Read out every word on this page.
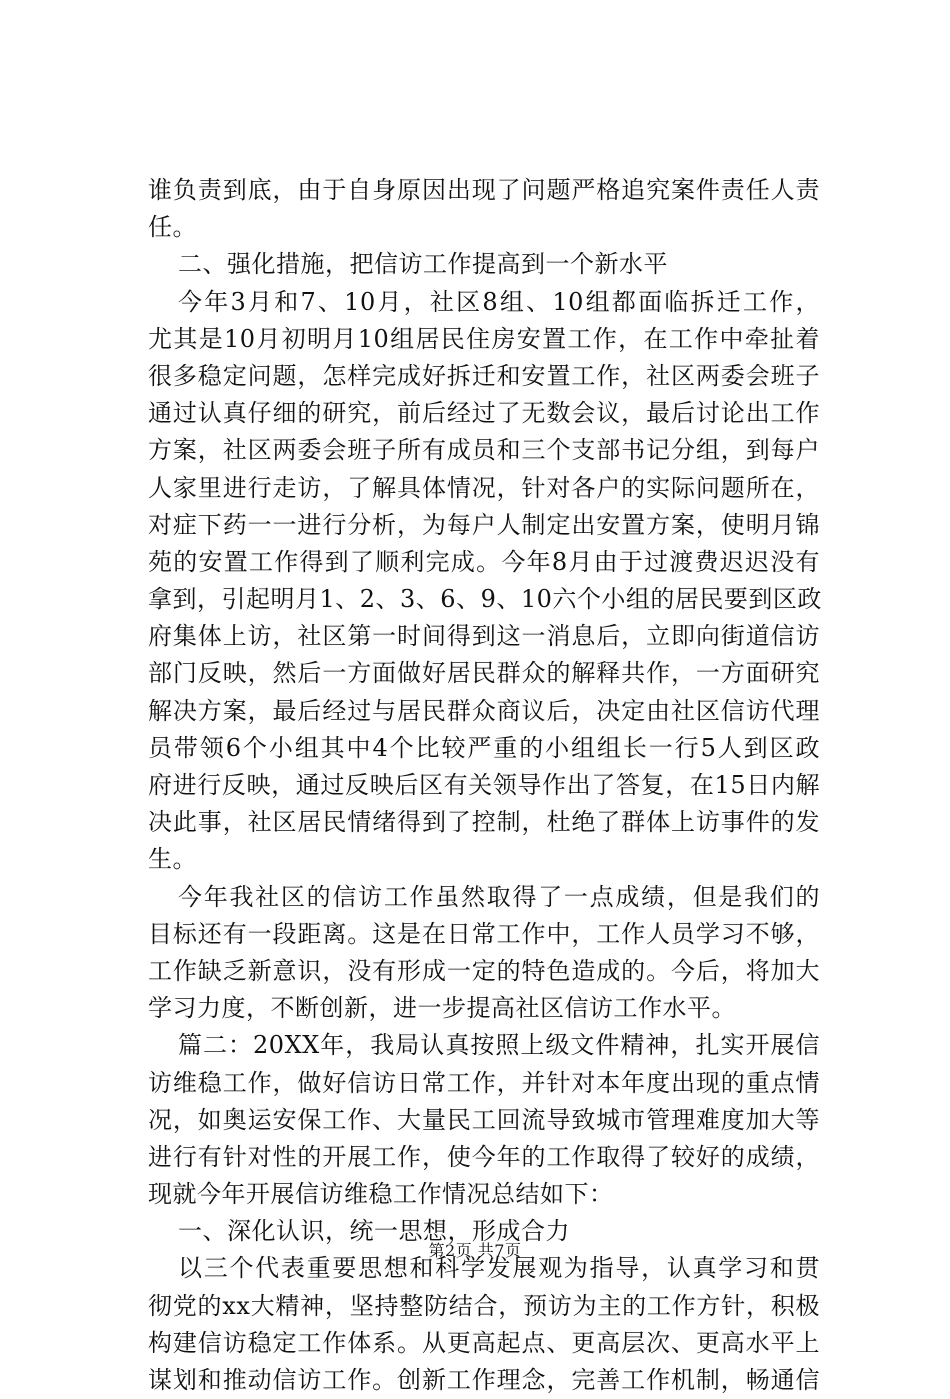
谁负责到底，由于自身原因出现了问题严格追究案件责任人责
任。
二、强化措施，把信访工作提高到一个新水平
今年3月和7、10月，社区8组、10组都面临拆迁工作，
尤其是10月初明月10组居民住房安置工作，在工作中牵扯着
很多稳定问题，怎样完成好拆迁和安置工作，社区两委会班子
通过认真仔细的研究，前后经过了无数会议，最后讨论出工作
方案，社区两委会班子所有成员和三个支部书记分组，到每户
人家里进行走访，了解具体情况，针对各户的实际问题所在，
对症下药一一进行分析，为每户人制定出安置方案，使明月锦
苑的安置工作得到了顺利完成。今年8月由于过渡费迟迟没有
拿到，引起明月1、2、3、6、9、10六个小组的居民要到区政
府集体上访，社区第一时间得到这一消息后，立即向街道信访
部门反映，然后一方面做好居民群众的解释共作，一方面研究
解决方案，最后经过与居民群众商议后，决定由社区信访代理
员带领6个小组其中4个比较严重的小组组长一行5人到区政
府进行反映，通过反映后区有关领导作出了答复，在15日内解
决此事，社区居民情绪得到了控制，杜绝了群体上访事件的发
生。
今年我社区的信访工作虽然取得了一点成绩，但是我们的
目标还有一段距离。这是在日常工作中，工作人员学习不够，
工作缺乏新意识，没有形成一定的特色造成的。今后，将加大
学习力度，不断创新，进一步提高社区信访工作水平。
篇二：20XX年，我局认真按照上级文件精神，扎实开展信
访维稳工作，做好信访日常工作，并针对本年度出现的重点情
况，如奥运安保工作、大量民工回流导致城市管理难度加大等
进行有针对性的开展工作，使今年的工作取得了较好的成绩，
现就今年开展信访维稳工作情况总结如下：
一、深化认识，统一思想，形成合力
以三个代表重要思想和科学发展观为指导，认真学习和贯
彻党的xx大精神，坚持整防结合，预访为主的工作方针，积极
构建信访稳定工作体系。从更高起点、更高层次、更高水平上
谋划和推动信访工作。创新工作理念，完善工作机制，畅通信
第2页 共7页
